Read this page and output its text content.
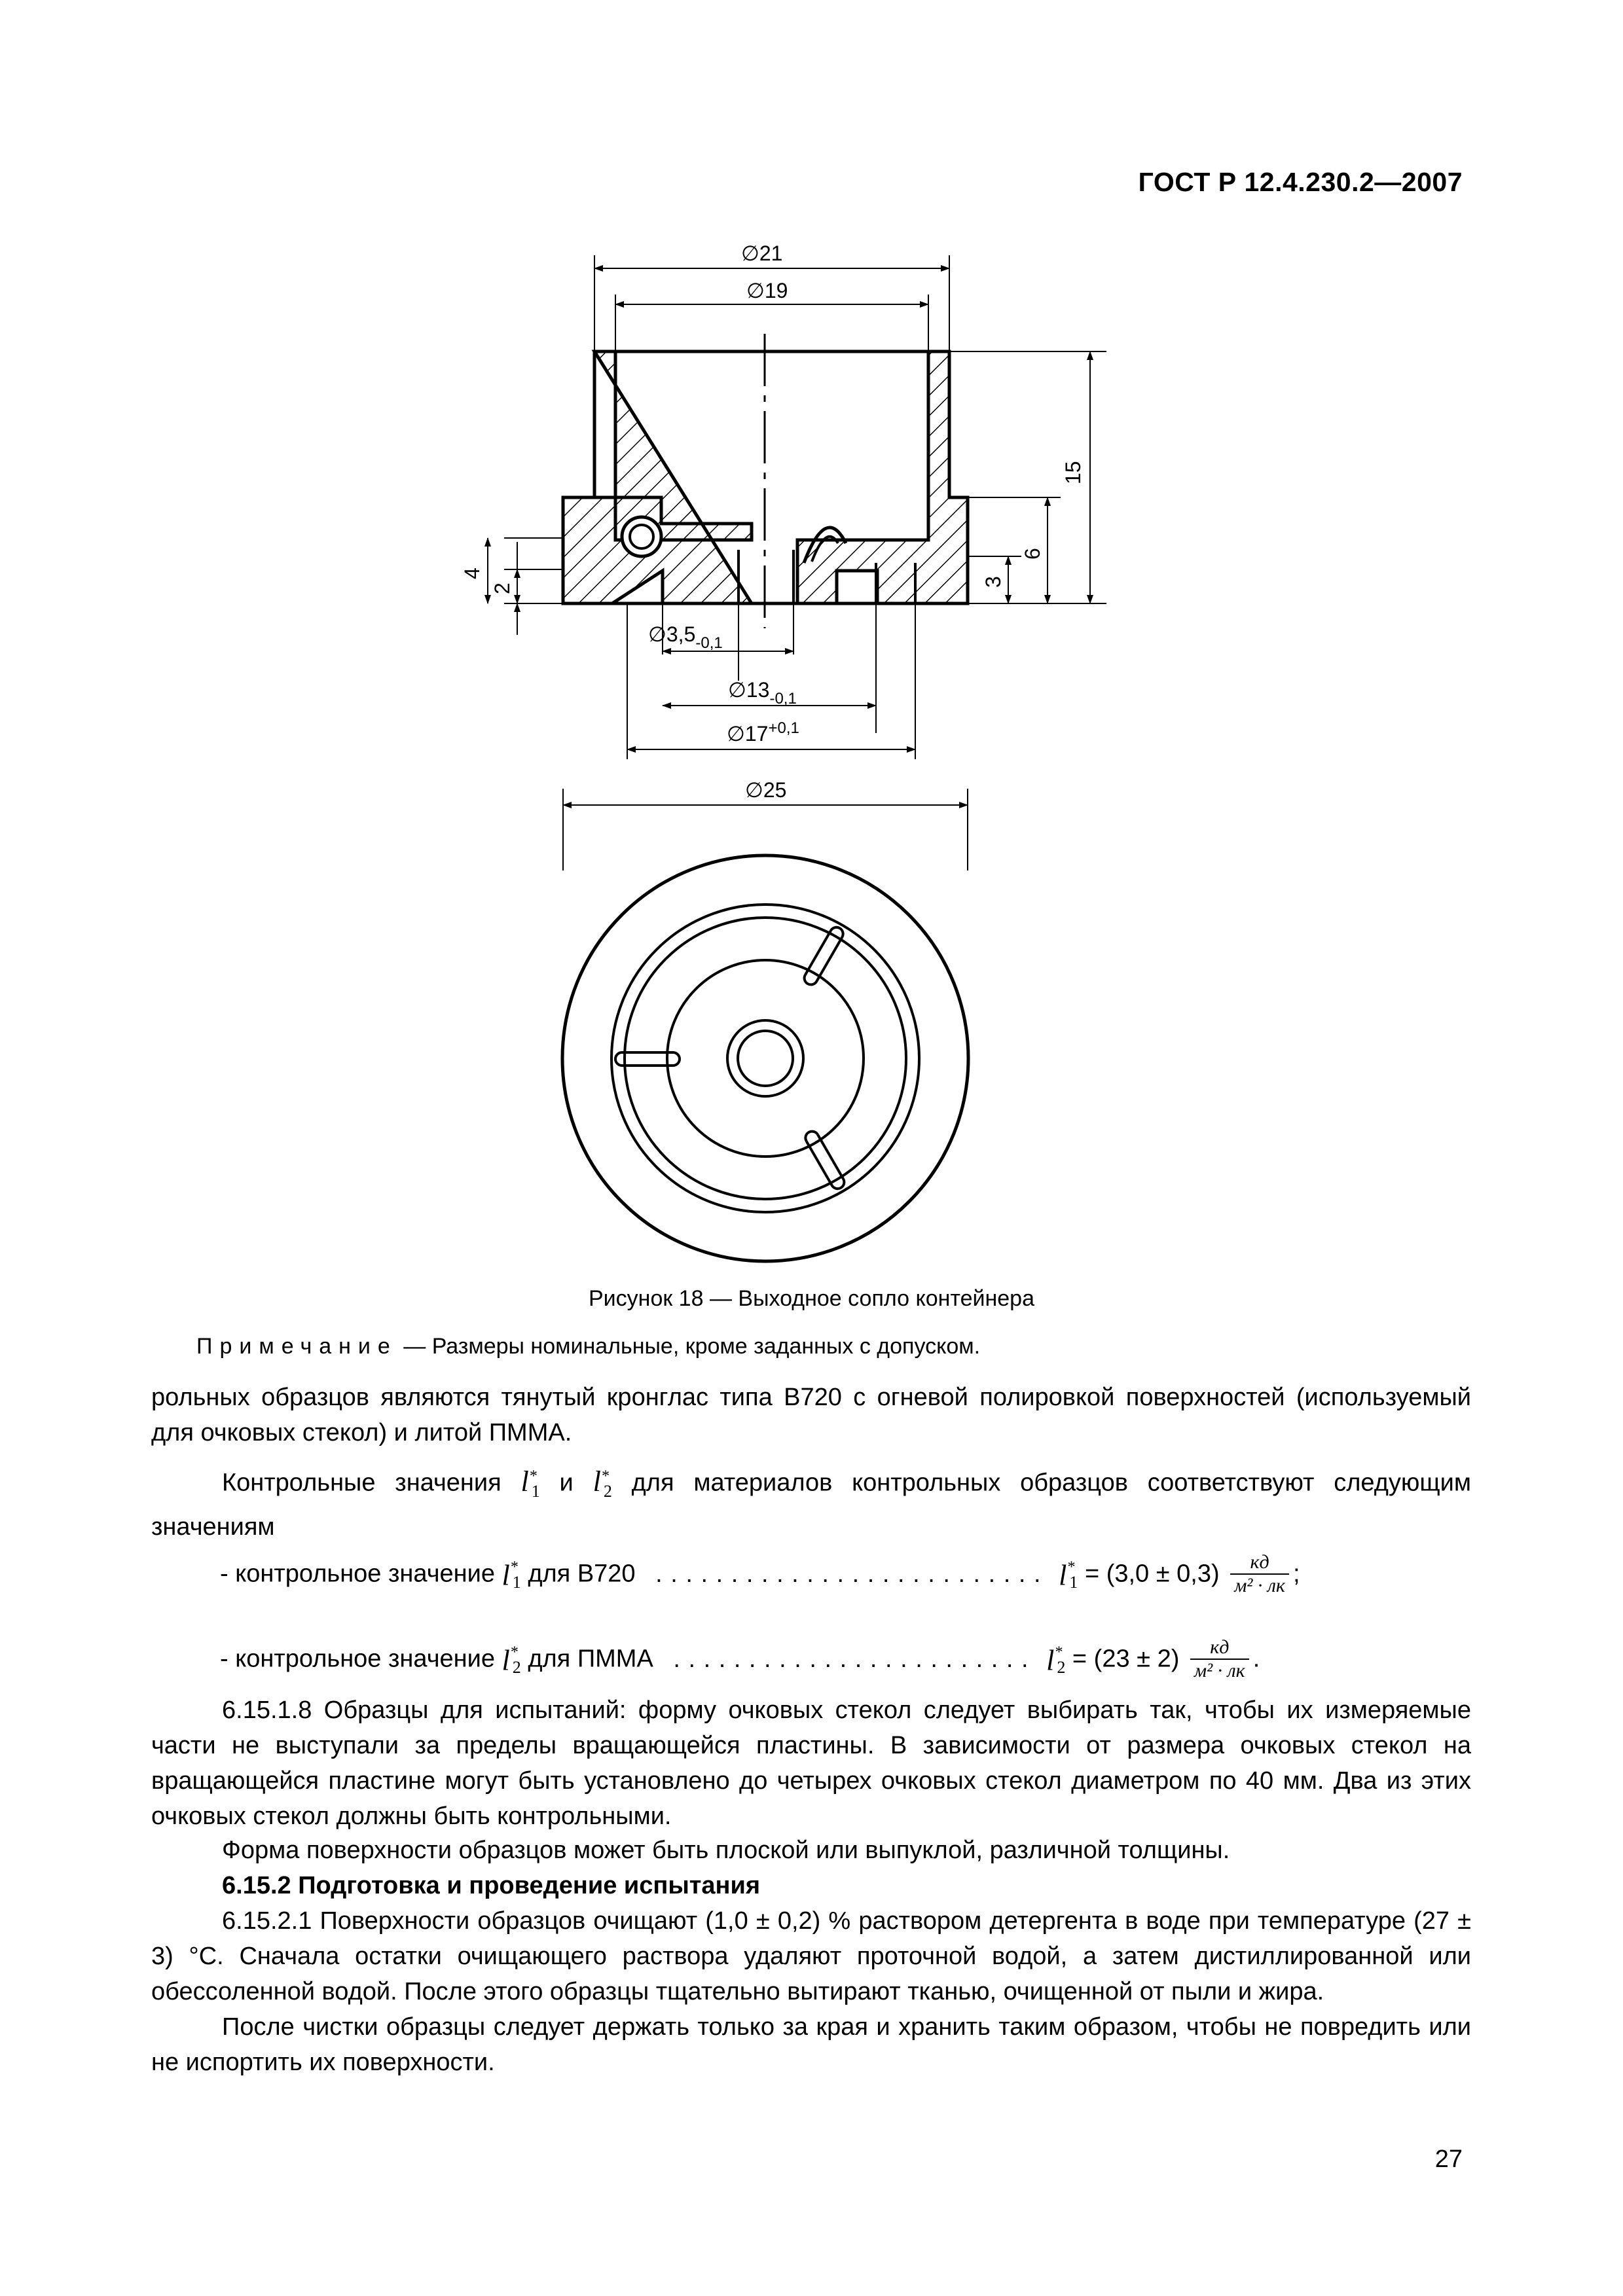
ГОСТ Р 12.4.230.2—2007
∅21
∅19
$\emptyset 3,5_{-0,1}$
$\emptyset 13_{-0,1}$
$\emptyset 17^{+0,1}$
∅25
15
6
3
4
2
Рисунок 18 — Выходное сопло контейнера
Примечание — Размеры номинальные, кроме заданных с допуском.
рольных образцов являются тянутый кронглас типа B720 с огневой полировкой поверхностей (используемый для очковых стекол) и литой ПММА.
Контрольные значения $l^*_1$ и $l^*_2$ для материалов контрольных образцов соответствуют следующим значениям
- контрольное значение $l^*_1$ для B720 . . . . . . . . . . . . . . . . . . . . . . . . . . $l^*_1 = (3,0 \pm 0,3) \frac{кд}{\text{м² · лк}}$ ;
- контрольное значение $l^*_2$ для ПММА . . . . . . . . . . . . . . . . . . . . . . . . $l^*_2 = (23 \pm 2) \frac{кд}{\text{м² · лк}}$ .
6.15.1.8 Образцы для испытаний: форму очковых стекол следует выбирать так, чтобы их измеряемые части не выступали за пределы вращающейся пластины. В зависимости от размера очковых стекол на вращающейся пластине могут быть установлено до четырех очковых стекол диаметром по 40 мм. Два из этих очковых стекол должны быть контрольными.
Форма поверхности образцов может быть плоской или выпуклой, различной толщины.
6.15.2 Подготовка и проведение испытания
6.15.2.1 Поверхности образцов очищают (1,0 ± 0,2) % раствором детергента в воде при температуре (27 ± 3) °С. Сначала остатки очищающего раствора удаляют проточной водой, а затем дистиллированной или обессоленной водой. После этого образцы тщательно вытирают тканью, очищенной от пыли и жира.
После чистки образцы следует держать только за края и хранить таким образом, чтобы не повредить или не испортить их поверхности.
27
